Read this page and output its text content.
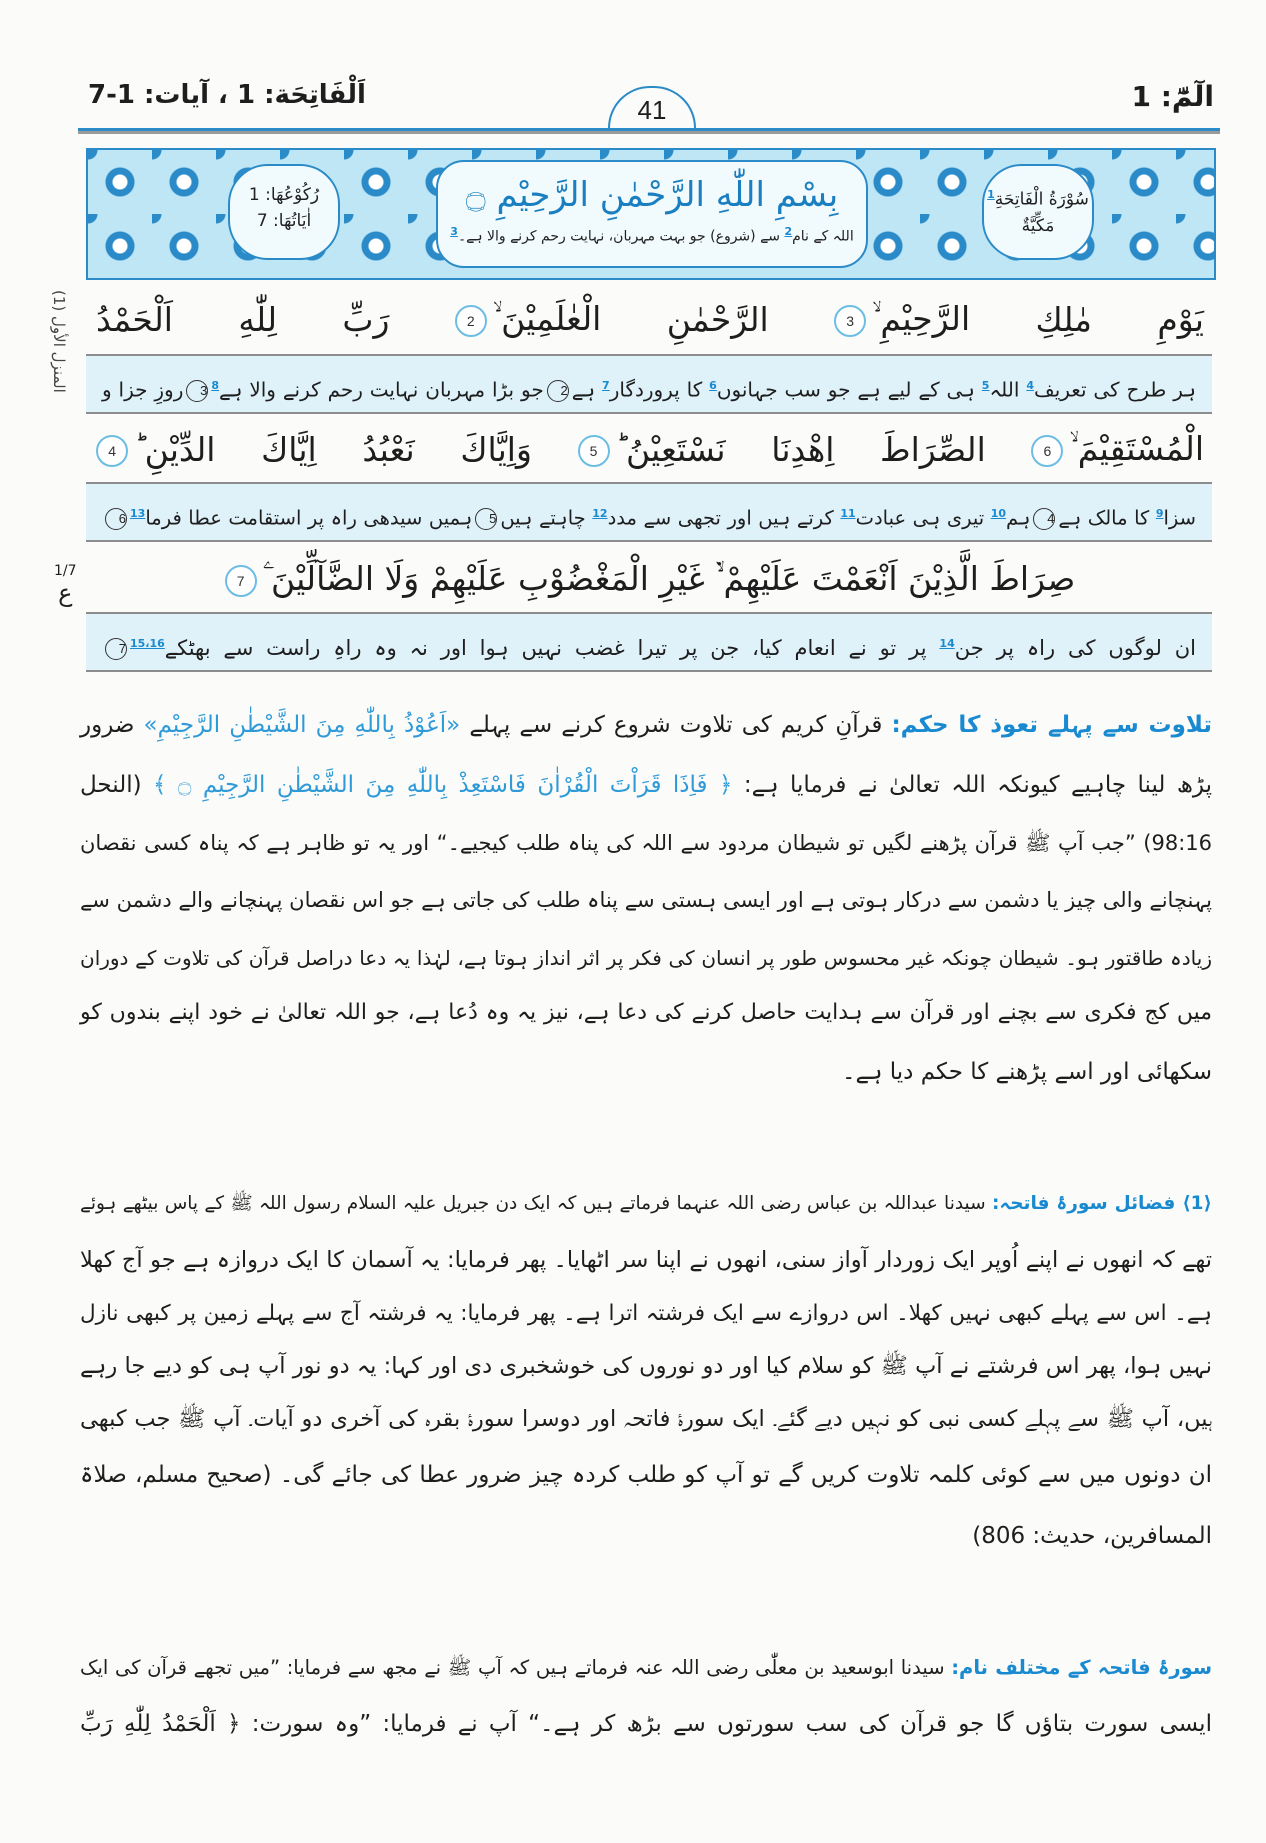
اَلْفَاتِحَة: 1 ، آيات: 1-7	41	الٓمّٓ: 1
رُكُوْعُهَا: 1
اٰيَاتُهَا: 7
بِسْمِ اللّٰهِ الرَّحْمٰنِ الرَّحِيْمِ ۝
اللہ کے نام$^2$ سے (شروع) جو بہت مہربان، نہایت رحم کرنے والا ہے۔$^3$
سُوْرَةُ الْفَاتِحَةِ$^1$
مَكِّيَّةٌ
المنزل الأول (1)
1/7
ع
اَلْحَمْدُ لِلّٰهِ رَبِّ	الْعٰلَمِيْنَ ۙ2	الرَّحْمٰنِ	الرَّحِيْمِ ۙ3	مٰلِكِ يَوْمِ
ہر طرح کی تعریف$^4$ اللہ$^5$ ہی کے لیے ہے جو سب جہانوں$^6$ کا پروردگار$^7$ ہے2جو بڑا مہربان نہایت رحم کرنے والا ہے$^8$3روزِ جزا و
الدِّيْنِ ؕ4	اِيَّاكَ نَعْبُدُ وَاِيَّاكَ	نَسْتَعِيْنُ ؕ5	اِهْدِنَا الصِّرَاطَ	الْمُسْتَقِيْمَ ۙ6
سزا$^9$ کا مالک ہے4ہم$^{10}$ تیری ہی عبادت$^{11}$ کرتے ہیں اور تجھی سے مدد$^{12}$ چاہتے ہیں5ہمیں سیدھی راہ پر استقامت عطا فرما$^{13}$6
صِرَاطَ الَّذِيْنَ اَنْعَمْتَ عَلَيْهِمْ ۙ۬ غَيْرِ الْمَغْضُوْبِ عَلَيْهِمْ وَلَا الضَّآلِّيْنَ ۧ7
ان لوگوں کی راہ پر جن$^{14}$ پر تو نے انعام کیا، جن پر تیرا غضب نہیں ہوا اور نہ وہ راہِ راست سے بھٹکے$^{15،16}$7
تلاوت سے پہلے تعوذ کا حکم: قرآنِ کریم کی تلاوت شروع کرنے سے پہلے «اَعُوْذُ بِاللّٰهِ مِنَ الشَّيْطٰنِ الرَّجِيْمِ» ضرور
پڑھ لینا چاہیے کیونکہ اللہ تعالیٰ نے فرمایا ہے: ﴿ فَاِذَا قَرَاْتَ الْقُرْاٰنَ فَاسْتَعِذْ بِاللّٰهِ مِنَ الشَّيْطٰنِ الرَّجِيْمِ ۝ ﴾ (النحل
98:16) ”جب آپ ﷺ قرآن پڑھنے لگیں تو شیطان مردود سے اللہ کی پناہ طلب کیجیے۔“ اور یہ تو ظاہر ہے کہ پناہ کسی نقصان
پہنچانے والی چیز یا دشمن سے درکار ہوتی ہے اور ایسی ہستی سے پناہ طلب کی جاتی ہے جو اس نقصان پہنچانے والے دشمن سے
زیادہ طاقتور ہو۔ شیطان چونکہ غیر محسوس طور پر انسان کی فکر پر اثر انداز ہوتا ہے، لہٰذا یہ دعا دراصل قرآن کی تلاوت کے دوران
میں کج فکری سے بچنے اور قرآن سے ہدایت حاصل کرنے کی دعا ہے، نیز یہ وہ دُعا ہے، جو اللہ تعالیٰ نے خود اپنے بندوں کو
سکھائی اور اسے پڑھنے کا حکم دیا ہے۔
⟨1⟩ فضائل سورۂ فاتحہ: سیدنا عبداللہ بن عباس رضی اللہ عنہما فرماتے ہیں کہ ایک دن جبریل علیہ السلام رسول اللہ ﷺ کے پاس بیٹھے ہوئے
تھے کہ انھوں نے اپنے اُوپر ایک زوردار آواز سنی، انھوں نے اپنا سر اٹھایا۔ پھر فرمایا: یہ آسمان کا ایک دروازہ ہے جو آج کھلا
ہے۔ اس سے پہلے کبھی نہیں کھلا۔ اس دروازے سے ایک فرشتہ اترا ہے۔ پھر فرمایا: یہ فرشتہ آج سے پہلے زمین پر کبھی نازل
نہیں ہوا، پھر اس فرشتے نے آپ ﷺ کو سلام کیا اور دو نوروں کی خوشخبری دی اور کہا: یہ دو نور آپ ہی کو دیے جا رہے
ہیں، آپ ﷺ سے پہلے کسی نبی کو نہیں دیے گئے۔ ایک سورۂ فاتحہ اور دوسرا سورۂ بقرہ کی آخری دو آیات۔ آپ ﷺ جب کبھی
ان دونوں میں سے کوئی کلمہ تلاوت کریں گے تو آپ کو طلب کردہ چیز ضرور عطا کی جائے گی۔ (صحیح مسلم، صلاۃ
المسافرین، حدیث: 806)
سورۂ فاتحہ کے مختلف نام: سیدنا ابوسعید بن معلّٰی رضی اللہ عنہ فرماتے ہیں کہ آپ ﷺ نے مجھ سے فرمایا: ”میں تجھے قرآن کی ایک
ایسی سورت بتاؤں گا جو قرآن کی سب سورتوں سے بڑھ کر ہے۔“ آپ نے فرمایا: ”وہ سورت: ﴿ اَلْحَمْدُ لِلّٰهِ رَبِّ
